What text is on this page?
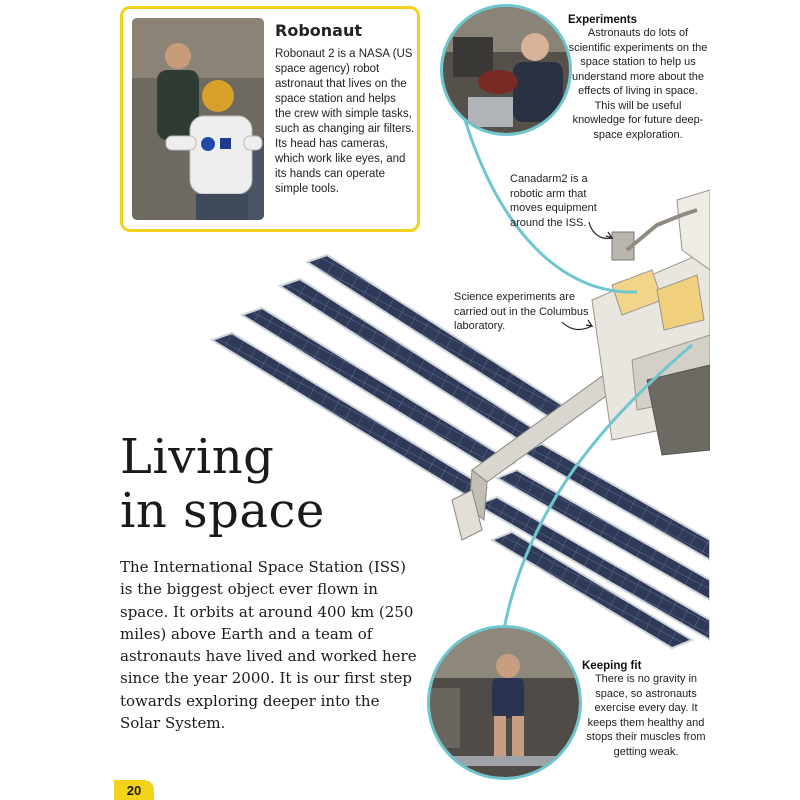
Robonaut

Robonaut 2 is a NASA (US space agency) robot astronaut that lives on the space station and helps the crew with simple tasks, such as changing air filters. Its head has cameras, which work like eyes, and its hands can operate simple tools.

Experiments

Astronauts do lots of scientific experiments on the space station to help us understand more about the effects of living in space. This will be useful knowledge for future deep-space exploration.

Canadarm2 is a robotic arm that moves equipment around the ISS.

Science experiments are carried out in the Columbus laboratory.

Living
in space

The International Space Station (ISS) is the biggest object ever flown in space. It orbits at around 400 km (250 miles) above Earth and a team of astronauts have lived and worked here since the year 2000. It is our first step towards exploring deeper into the Solar System.

Keeping fit

There is no gravity in space, so astronauts exercise every day. It keeps them healthy and stops their muscles from getting weak.

20
